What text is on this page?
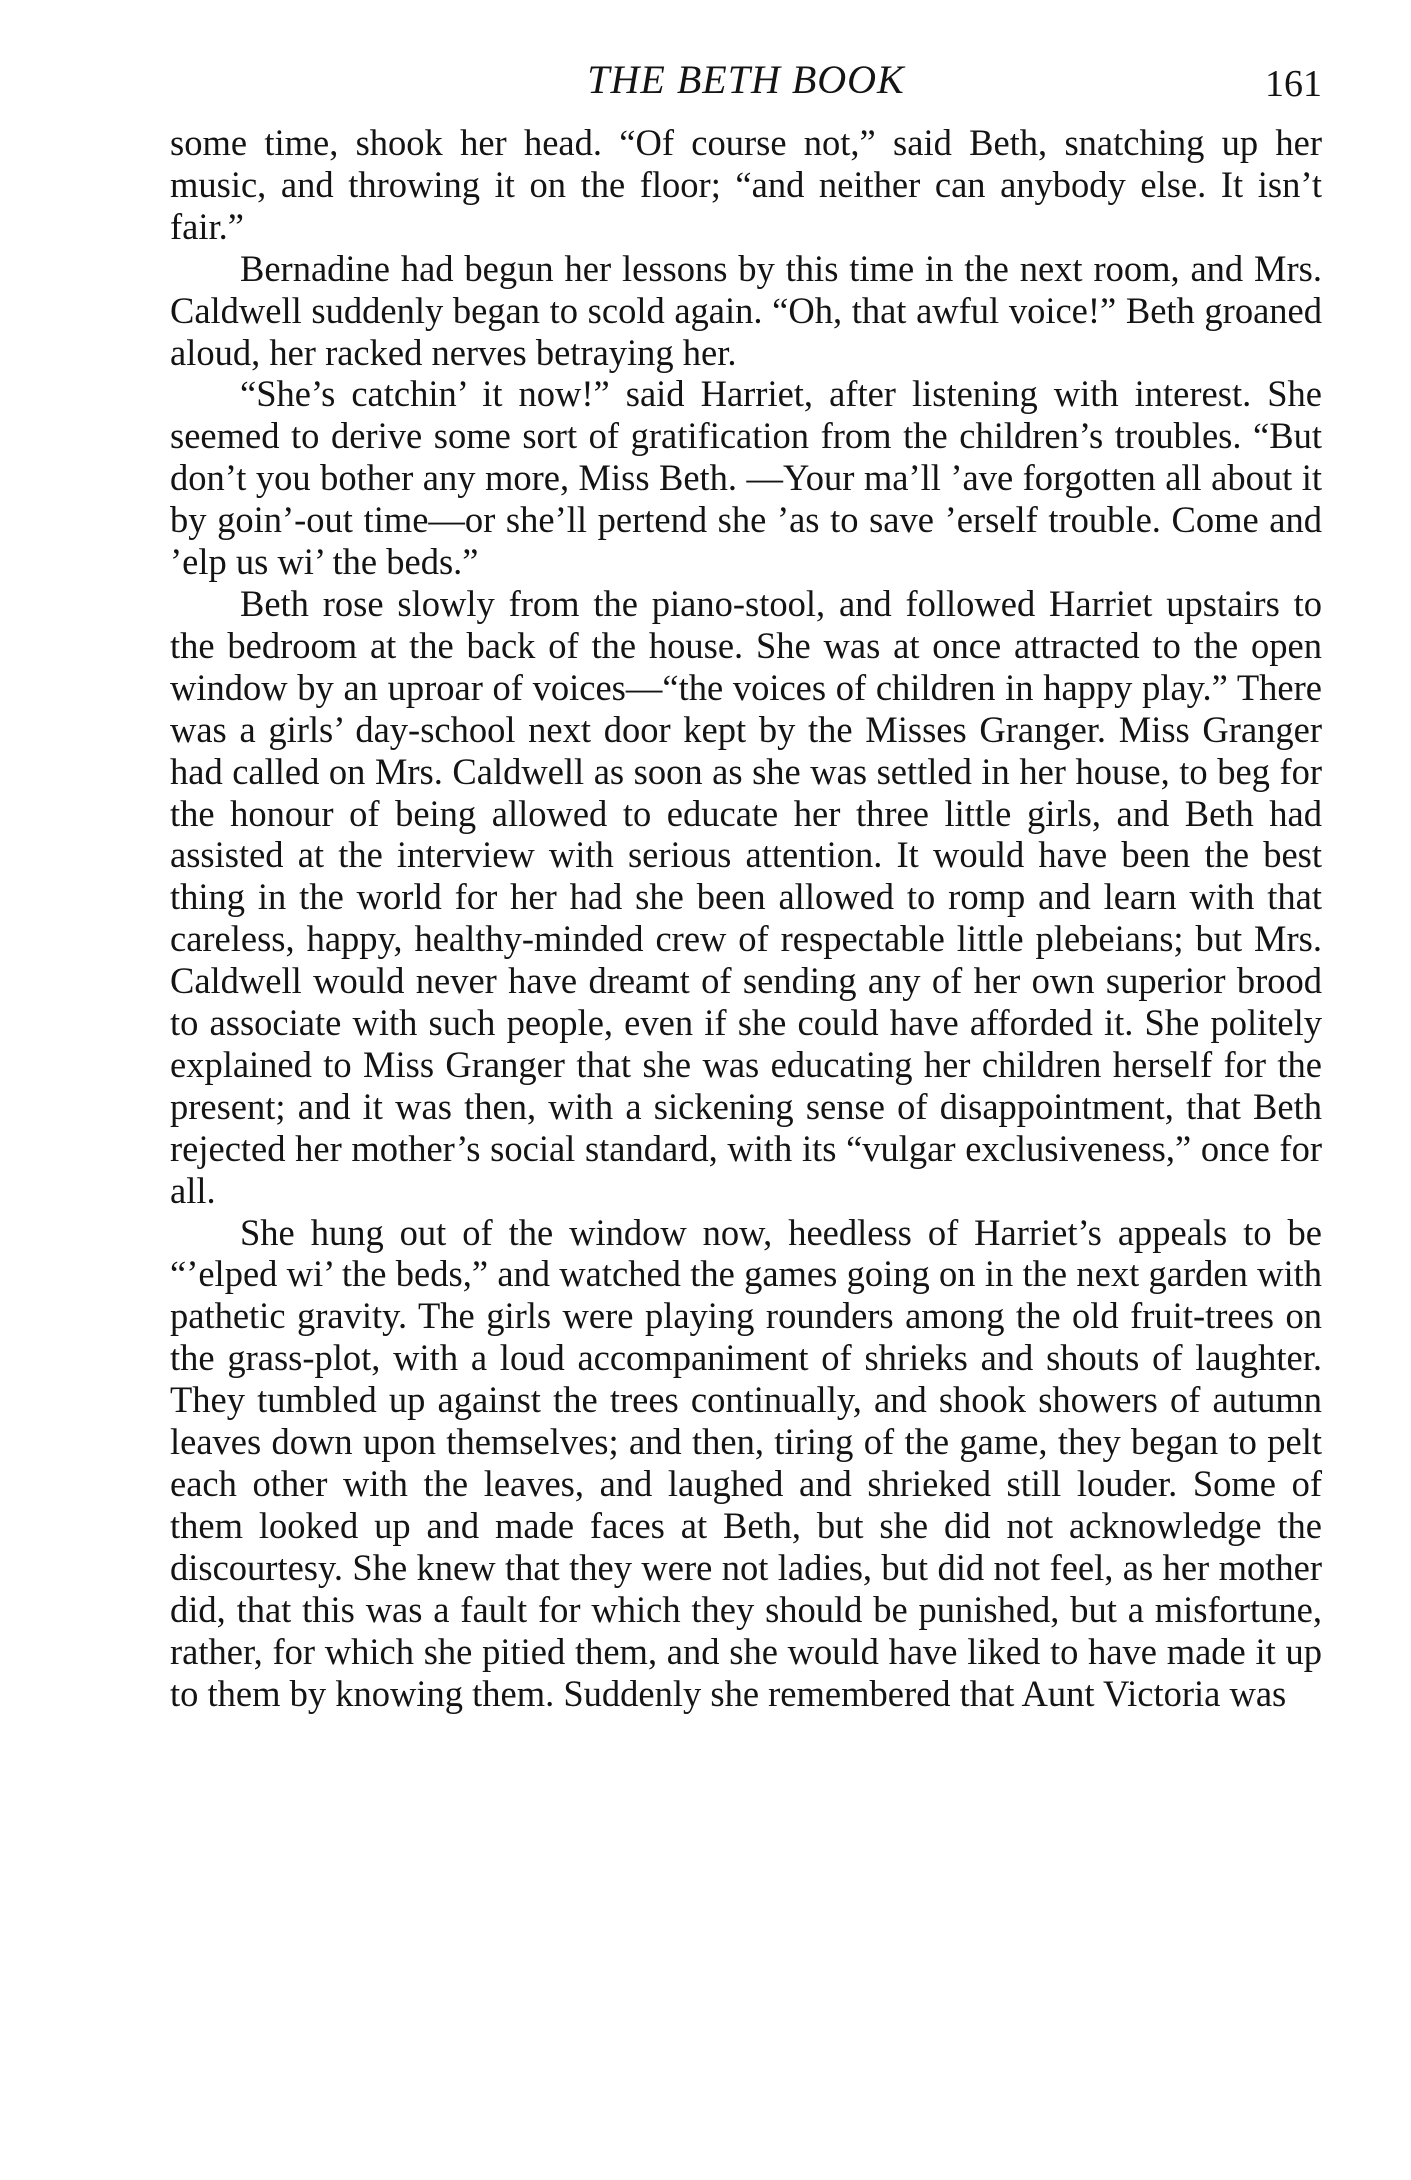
THE BETH BOOK	161

some time, shook her head. “Of course not,” said Beth, snatching up her music, and throwing it on the floor; “and neither can anybody else. It isn’t fair.”

Bernadine had begun her lessons by this time in the next room, and Mrs. Caldwell suddenly began to scold again. “Oh, that awful voice!” Beth groaned aloud, her racked nerves betraying her.

“She’s catchin’ it now!” said Harriet, after listening with interest. She seemed to derive some sort of gratification from the children’s troubles. “But don’t you bother any more, Miss Beth. —Your ma’ll ’ave forgotten all about it by goin’-out time—or she’ll pertend she ’as to save ’erself trouble. Come and ’elp us wi’ the beds.”

Beth rose slowly from the piano-stool, and followed Harriet upstairs to the bedroom at the back of the house. She was at once attracted to the open window by an uproar of voices—“the voices of children in happy play.” There was a girls’ day-school next door kept by the Misses Granger. Miss Granger had called on Mrs. Caldwell as soon as she was settled in her house, to beg for the honour of being allowed to educate her three little girls, and Beth had assisted at the interview with serious attention. It would have been the best thing in the world for her had she been allowed to romp and learn with that careless, happy, healthy-minded crew of respectable little plebeians; but Mrs. Caldwell would never have dreamt of sending any of her own superior brood to associate with such people, even if she could have afforded it. She politely explained to Miss Granger that she was educating her children herself for the present; and it was then, with a sickening sense of disappointment, that Beth rejected her mother’s social standard, with its “vulgar exclusiveness,” once for all.

She hung out of the window now, heedless of Harriet’s appeals to be “’elped wi’ the beds,” and watched the games going on in the next garden with pathetic gravity. The girls were playing rounders among the old fruit-trees on the grass-plot, with a loud accompaniment of shrieks and shouts of laughter. They tumbled up against the trees continually, and shook showers of autumn leaves down upon themselves; and then, tiring of the game, they began to pelt each other with the leaves, and laughed and shrieked still louder. Some of them looked up and made faces at Beth, but she did not acknowledge the discourtesy. She knew that they were not ladies, but did not feel, as her mother did, that this was a fault for which they should be punished, but a misfortune, rather, for which she pitied them, and she would have liked to have made it up to them by knowing them. Suddenly she remembered that Aunt Victoria was
